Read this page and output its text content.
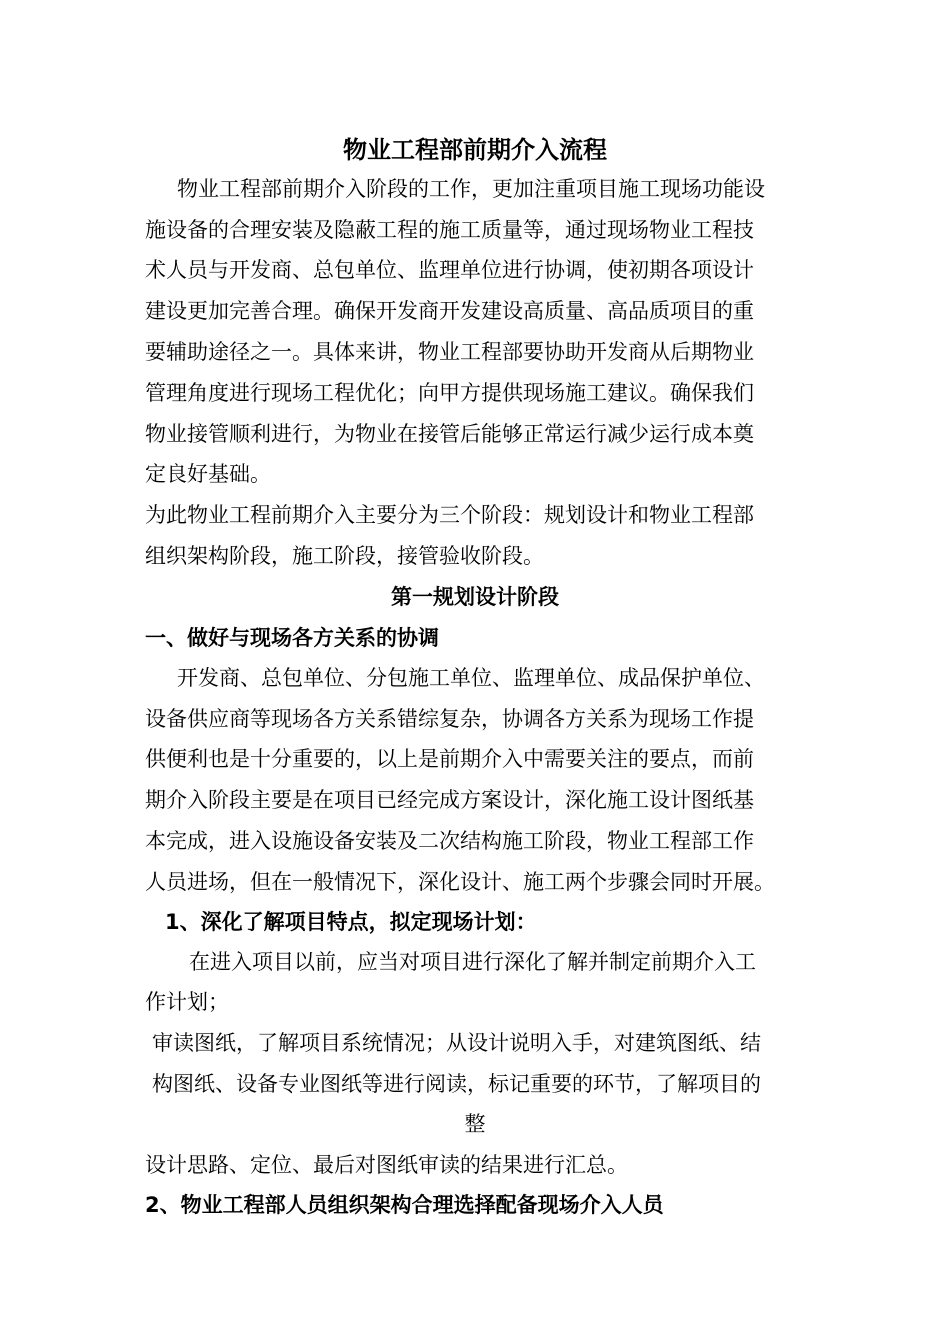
物业工程部前期介入流程
物业工程部前期介入阶段的工作，更加注重项目施工现场功能设
施设备的合理安装及隐蔽工程的施工质量等，通过现场物业工程技
术人员与开发商、总包单位、监理单位进行协调，使初期各项设计
建设更加完善合理。确保开发商开发建设高质量、高品质项目的重
要辅助途径之一。具体来讲，物业工程部要协助开发商从后期物业
管理角度进行现场工程优化；向甲方提供现场施工建议。确保我们
物业接管顺利进行，为物业在接管后能够正常运行减少运行成本奠
定良好基础。
为此物业工程前期介入主要分为三个阶段：规划设计和物业工程部
组织架构阶段，施工阶段，接管验收阶段。
第一规划设计阶段
一、做好与现场各方关系的协调
开发商、总包单位、分包施工单位、监理单位、成品保护单位、
设备供应商等现场各方关系错综复杂，协调各方关系为现场工作提
供便利也是十分重要的，以上是前期介入中需要关注的要点，而前
期介入阶段主要是在项目已经完成方案设计，深化施工设计图纸基
本完成，进入设施设备安装及二次结构施工阶段，物业工程部工作
人员进场，但在一般情况下，深化设计、施工两个步骤会同时开展。
1、深化了解项目特点，拟定现场计划：
在进入项目以前，应当对项目进行深化了解并制定前期介入工
作计划；
审读图纸，了解项目系统情况；从设计说明入手，对建筑图纸、结
构图纸、设备专业图纸等进行阅读，标记重要的环节，了解项目的
整
设计思路、定位、最后对图纸审读的结果进行汇总。
2、物业工程部人员组织架构合理选择配备现场介入人员
